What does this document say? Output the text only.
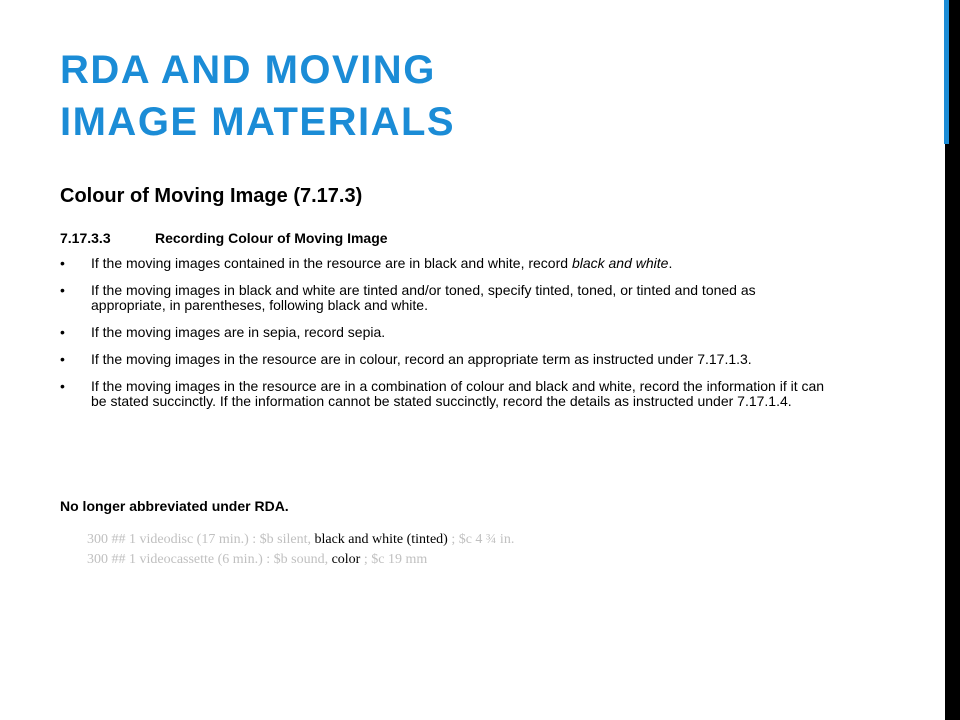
RDA AND MOVING
IMAGE MATERIALS
Colour of Moving Image (7.17.3)

7.17.3.3	Recording Colour of Moving Image

• If the moving images contained in the resource are in black and white, record black and white.
• If the moving images in black and white are tinted and/or toned, specify tinted, toned, or tinted and toned as appropriate, in parentheses, following black and white.
• If the moving images are in sepia, record sepia.
• If the moving images in the resource are in colour, record an appropriate term as instructed under 7.17.1.3.
• If the moving images in the resource are in a combination of colour and black and white, record the information if it can be stated succinctly. If the information cannot be stated succinctly, record the details as instructed under 7.17.1.4.

No longer abbreviated under RDA.

300 ## 1 videodisc (17 min.) : $b silent, black and white (tinted) ; $c 4 ¾ in.
300 ## 1 videocassette (6 min.) : $b sound, color ; $c 19 mm
